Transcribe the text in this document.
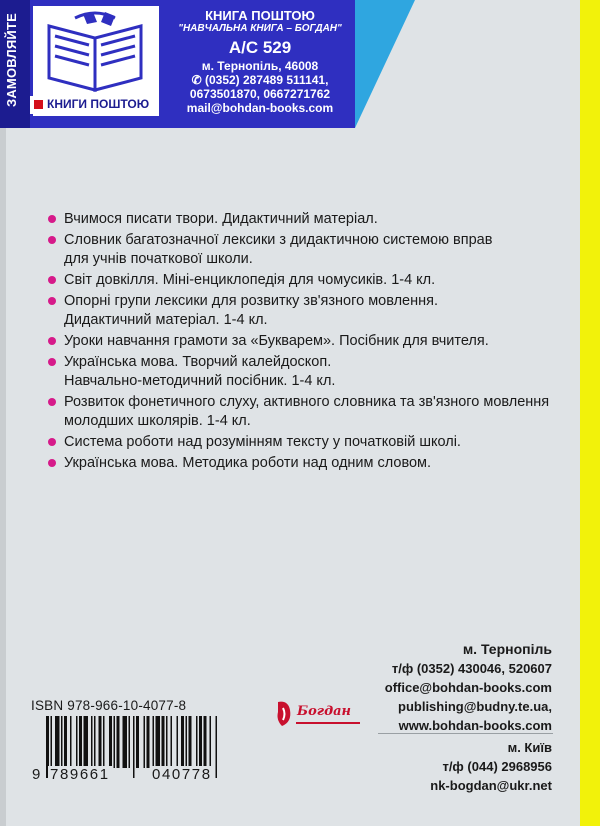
ЗАМОВЛЯЙТЕ	КНИГИ ПОШТОЮ
КНИГА ПОШТОЮ
"НАВЧАЛЬНА КНИГА – БОГДАН"
А/С 529
м. Тернопіль, 46008
✆ (0352) 287489 511141,
0673501870, 0667271762
mail@bohdan-books.com
Вчимося писати твори. Дидактичний матеріал.
Словник багатозначної лексики з дидактичною системою вправ
для учнів початкової школи.
Світ довкілля. Міні-енциклопедія для чомусиків. 1-4 кл.
Опорні групи лексики для розвитку зв'язного мовлення.
Дидактичний матеріал. 1-4 кл.
Уроки навчання грамоти за «Букварем». Посібник для вчителя.
Українська мова. Творчий калейдоскоп.
Навчально-методичний посібник. 1-4 кл.
Розвиток фонетичного слуху, активного словника та зв'язного мовлення
молодших школярів. 1-4 кл.
Система роботи над розумінням тексту у початковій школі.
Українська мова. Методика роботи над одним словом.
м. Тернопіль
т/ф (0352) 430046, 520607
office@bohdan-books.com
publishing@budny.te.ua,
www.bohdan-books.com
м. Київ
т/ф (044) 2968956
nk-bogdan@ukr.net
Богдан
ISBN 978-966-10-4077-8
9 789661	040778
